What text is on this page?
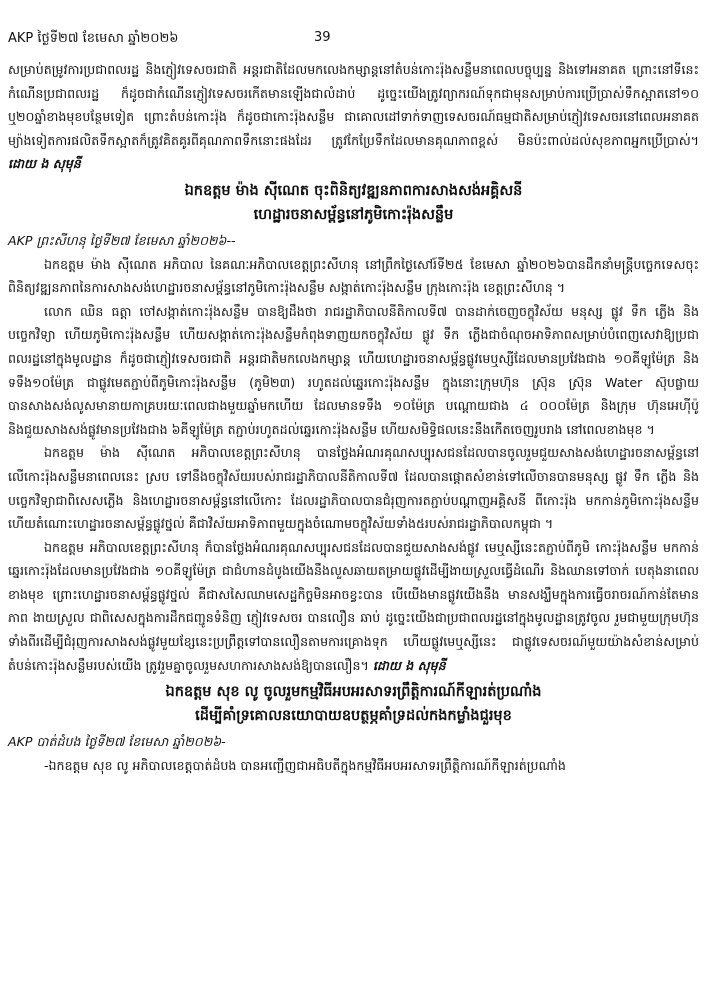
AKP ថ្ងៃទី២៧ ខែមេសា ឆ្នាំ២០២៦	39

សម្រាប់តម្រូវការប្រជាពលរដ្ឋ និងភ្ញៀវទេសចរជាតិ អន្តរជាតិដែលមកលេងកម្សាន្តនៅតំបន់កោះរ៉ុងសន្លឹមនាពេលបច្ចុប្បន្ន និងទៅអនាគត ព្រោះនៅទីនេះកំណើនប្រជាពលរដ្ឋ ក៏ដូចជាកំណើនភ្ញៀវទេសចរកើតមានឡើងជាលំដាប់ ដូច្នេះយើងត្រូវព្យាករណ៍ទុកជាមុនសម្រាប់ការប្រើប្រាស់ទឹកស្អាតនៅ១០ ឬ២០ឆ្នាំខាងមុខបន្ថែមទៀត ព្រោះតំបន់កោះរ៉ុង ក៏ដូចជាកោះរ៉ុងសន្លឹម ជាគោលដៅទាក់ទាញទេសចរណ៍ធម្មជាតិសម្រាប់ភ្ញៀវទេសចរនៅពេលអនាគត ម្យ៉ាងទៀតការផលិតទឹកស្អាតក៏ត្រូវគិតគូរពីគុណភាពទឹកនោះផងដែរ ត្រូវកែប្រែទឹកដែលមានគុណភាពខ្ពស់ មិនប៉ះពាល់ដល់សុខភាពអ្នកប្រើប្រាស់។ ដោយ ង សុមុនី

ឯកឧត្តម ម៉ាង ស៊ីណេត ចុះពិនិត្យវឌ្ឍនភាពការសាងសង់អគ្គិសនី
ហេដ្ឋារចនាសម្ព័ន្ធនៅភូមិកោះរ៉ុងសន្លឹម

AKP ព្រះសីហនុ ថ្ងៃទី២៧ ខែមេសា ឆ្នាំ២០២៦--

ឯកឧត្តម ម៉ាង ស៊ីណេត អភិបាល នៃគណៈអភិបាលខេត្តព្រះសីហនុ នៅព្រឹកថ្ងៃសៅរ៍ទី២៥ ខែមេសា ឆ្នាំ២០២៦បានដឹកនាំមន្ត្រីបច្ចេកទេសចុះពិនិត្យវឌ្ឍនភាពនៃការសាងសង់ហេដ្ឋារចនាសម្ព័ន្ធនៅភូមិកោះរ៉ុងសន្លឹម សង្កាត់កោះរ៉ុងសន្លឹម ក្រុងកោះរ៉ុង ខេត្តព្រះសីហនុ ។

លោក ឈិន ធត្តា ចៅសង្កាត់កោះរ៉ុងសន្លឹម បានឱ្យដឹងថា រាជរដ្ឋាភិបាលនីតិកាលទី៧ បានដាក់ចេញចក្ខុវិស័យ មនុស្ស ផ្លូវ ទឹក ភ្លើង និងបច្ចេកវិទ្យា ហើយភូមិកោះរ៉ុងសន្លឹម ហើយសង្កាត់កោះរ៉ុងសន្លឹមកំពុងទាញយកចក្ខុវិស័យ ផ្លូវ ទឹក ភ្លើងជាចំណុចអាទិភាពសម្រាប់បំពេញសេវាឱ្យប្រជាពលរដ្ឋនៅក្នុងមូលដ្ឋាន ក៏ដូចជាភ្ញៀវទេសចរជាតិ អន្តរជាតិមកលេងកម្សាន្ត ហើយហេដ្ឋារចនាសម្ព័ន្ធផ្លូវមេឬស្សីដែលមានប្រវែងជាង ១០គីឡូម៉ែត្រ និងទទឹង១០ម៉ែត្រ ជាផ្លូវមេតភ្ជាប់ពីភូមិកោះរ៉ុងសន្លឹម (ភូមិ២៣) រហូតដល់ឆ្នេរកោះរ៉ុងសន្លឹម ក្នុងនោះក្រុមហ៊ុន ស្រ៊ុន ស្រ៊ុន Water ស៊ុបផ្លាយ បានសាងសង់លូសមានាយកាគ្របរយៈពេលជាងមួយឆ្នាំមកហើយ ដែលមានទទឹង ១០ម៉ែត្រ បណ្ដោយជាង ៤ ០០០ម៉ែត្រ និងក្រុម ហ៊ុនអេហ៊ីប៉ូ និងជួយសាងសង់ផ្លូវមានប្រវែងជាង ៦គីឡូម៉ែត្រ តភ្ជាប់រហូតដល់ឆ្នេរកោះរ៉ុងសន្លឹម ហើយសមិទ្ធិផលនេះនឹងកើតចេញរូបរាង នៅពេលខាងមុខ ។

ឯកឧត្តម ម៉ាង ស៊ីណេត អភិបាលខេត្តព្រះសីហនុ បានថ្លែងអំណរគុណសប្បុរសជនដែលបានចូលរួមជួយសាងសង់ហេដ្ឋារចនាសម្ព័ន្ធនៅលើកោះរ៉ុងសន្លឹមនាពេលនេះ ស្រប ទៅនឹងចក្ខុវិស័យរបស់រាជរដ្ឋាភិបាលនីតិកាលទី៧ ដែលបានផ្ដោតសំខាន់ទៅលើចានបានមនុស្ស ផ្លូវ ទឹក ភ្លើង និងបច្ចេកវិទ្យាជាពិសេសភ្លើង និងហេដ្ឋារចនាសម្ព័ន្ធនៅលើកោះ ដែលរដ្ឋាភិបាលបានជំរុញការតភ្ជាប់បណ្ដាញអគ្គិសនី ពីកោះរ៉ុង មកកាន់ភូមិកោះរ៉ុងសន្លឹម ហើយតំណោះហេដ្ឋារចនាសម្ព័ន្ធផ្លូវថ្នល់ គឺជាវិស័យអាទិភាពមួយក្នុងចំណោមចក្ខុវិស័យទាំង៥របស់រាជរដ្ឋាភិបាលកម្ពុជា ។

ឯកឧត្តម អភិបាលខេត្តព្រះសីហនុ ក៏បានថ្លែងអំណរគុណសប្បុរសជនដែលបានជួយសាងសង់ផ្លូវ មេឬស្សីនេះតភ្ជាប់ពីភូមិ កោះរ៉ុងសន្លឹម មកកាន់ឆ្នេរកោះរ៉ុងដែលមានប្រវែងជាង ១០គីឡូម៉ែត្រ ជាជំហានដំបូងយើងនឹងលួសឆាយតម្រាយផ្លូវដើម្បីងាយស្រួលធ្វើដំណើរ និងឈានទៅចាក់ បេតុងនាពេលខាងមុខ ព្រោះហេដ្ឋារចនាសម្ព័ន្ធផ្លូវថ្នល់ គឺជាសសៃឈាមសេដ្ឋកិច្ចមិនអាចខ្វះបាន បើយើងមានផ្លូវយើងនឹង មានសង្ឃឹមក្នុងការធ្វើចរាចរណ៍កាន់តែមានភាព ងាយស្រួល ជាពិសេសក្នុងការដឹកជញ្ជូនទំនិញ ភ្ញៀវទេសចរ បានលឿន ឆាប់ ដូច្នេះយើងជាប្រជាពលរដ្ឋនៅក្នុងមូលដ្ឋានត្រូវចូល រួមជាមួយក្រុមហ៊ុនទាំងពីរដើម្បីជំរុញការសាងសង់ផ្លូវមួយខ្សែនេះប្រព្រឹត្តទៅបានលឿនតាមការគ្រោងទុក ហើយផ្លូវមេឬស្សីនេះ ជាផ្លូវទេសចរណ៍មួយយ៉ាងសំខាន់សម្រាប់តំបន់កោះរ៉ុងសន្លឹមរបស់យើង ត្រូវរួមគ្នាចូលរួមសហការសាងសង់ឱ្យបានលឿន។ ដោយ ង សុមុនី

ឯកឧត្តម សុខ លូ ចូលរួមកម្មវិធីអបអរសាទរព្រឹត្តិការណ៍កីឡារត់ប្រណាំង
ដើម្បីគាំទ្រគោលនយោបាយឧបត្ថម្ភគាំទ្រដល់កងកម្លាំងជួរមុខ

AKP បាត់ដំបង ថ្ងៃទី២៧ ខែមេសា ឆ្នាំ២០២៦-

-ឯកឧត្តម សុខ លូ អភិបាលខេត្តបាត់ដំបង បានអញ្ជើញជាអធិបតីក្នុងកម្មវិធីអបអរសាទរព្រឹត្តិការណ៍កីឡារត់ប្រណាំង
